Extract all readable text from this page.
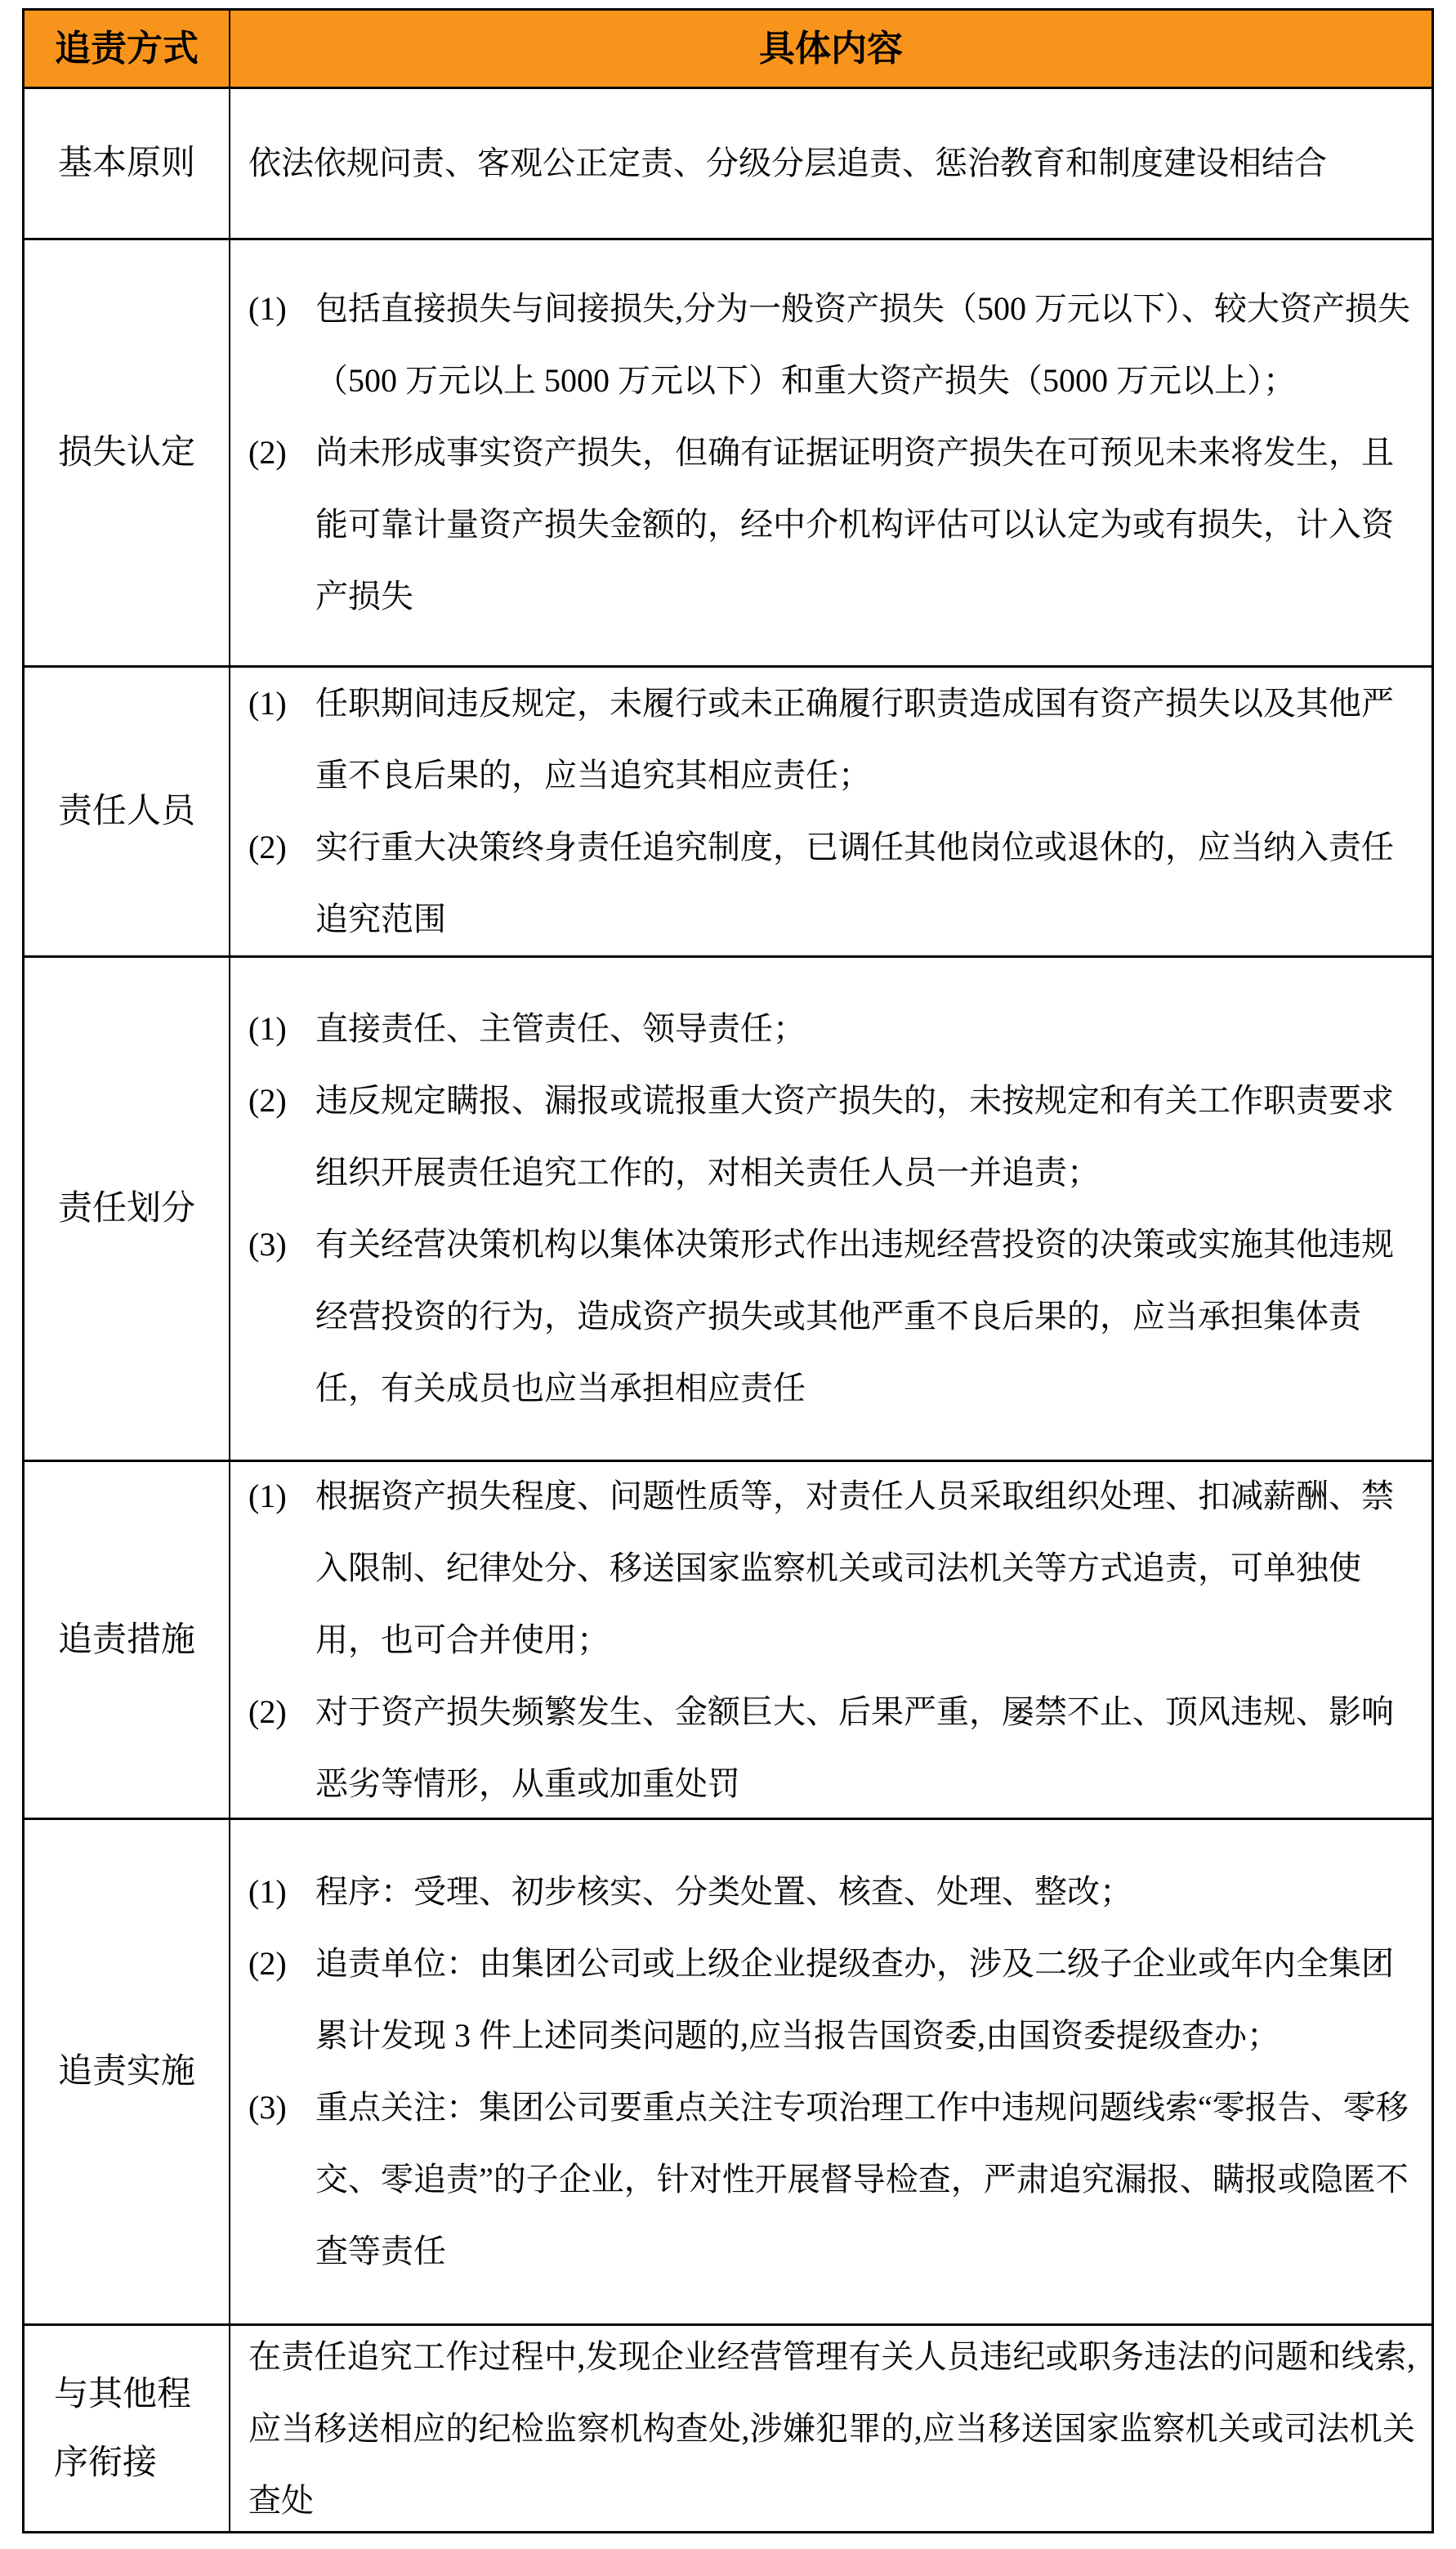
追责方式	具体内容
基本原则 依法依规问责、客观公正定责、分级分层追责、惩治教育和制度建设相结合
损失认定
(1) 包括直接损失与间接损失,分为一般资产损失（500 万元以下）、较大资产损失（500 万元以上 5000 万元以下）和重大资产损失（5000 万元以上）；
(2) 尚未形成事实资产损失，但确有证据证明资产损失在可预见未来将发生，且能可靠计量资产损失金额的，经中介机构评估可以认定为或有损失，计入资产损失
责任人员
(1) 任职期间违反规定，未履行或未正确履行职责造成国有资产损失以及其他严重不良后果的，应当追究其相应责任；
(2) 实行重大决策终身责任追究制度，已调任其他岗位或退休的，应当纳入责任追究范围
责任划分
(1) 直接责任、主管责任、领导责任；
(2) 违反规定瞒报、漏报或谎报重大资产损失的，未按规定和有关工作职责要求组织开展责任追究工作的，对相关责任人员一并追责；
(3) 有关经营决策机构以集体决策形式作出违规经营投资的决策或实施其他违规经营投资的行为，造成资产损失或其他严重不良后果的，应当承担集体责任，有关成员也应当承担相应责任
追责措施
(1) 根据资产损失程度、问题性质等，对责任人员采取组织处理、扣减薪酬、禁入限制、纪律处分、移送国家监察机关或司法机关等方式追责，可单独使用，也可合并使用；
(2) 对于资产损失频繁发生、金额巨大、后果严重，屡禁不止、顶风违规、影响恶劣等情形，从重或加重处罚
追责实施
(1) 程序：受理、初步核实、分类处置、核查、处理、整改；
(2) 追责单位：由集团公司或上级企业提级查办，涉及二级子企业或年内全集团累计发现 3 件上述同类问题的,应当报告国资委,由国资委提级查办；
(3) 重点关注：集团公司要重点关注专项治理工作中违规问题线索“零报告、零移交、零追责”的子企业，针对性开展督导检查，严肃追究漏报、瞒报或隐匿不查等责任
与其他程序衔接
在责任追究工作过程中,发现企业经营管理有关人员违纪或职务违法的问题和线索,应当移送相应的纪检监察机构查处,涉嫌犯罪的,应当移送国家监察机关或司法机关查处
